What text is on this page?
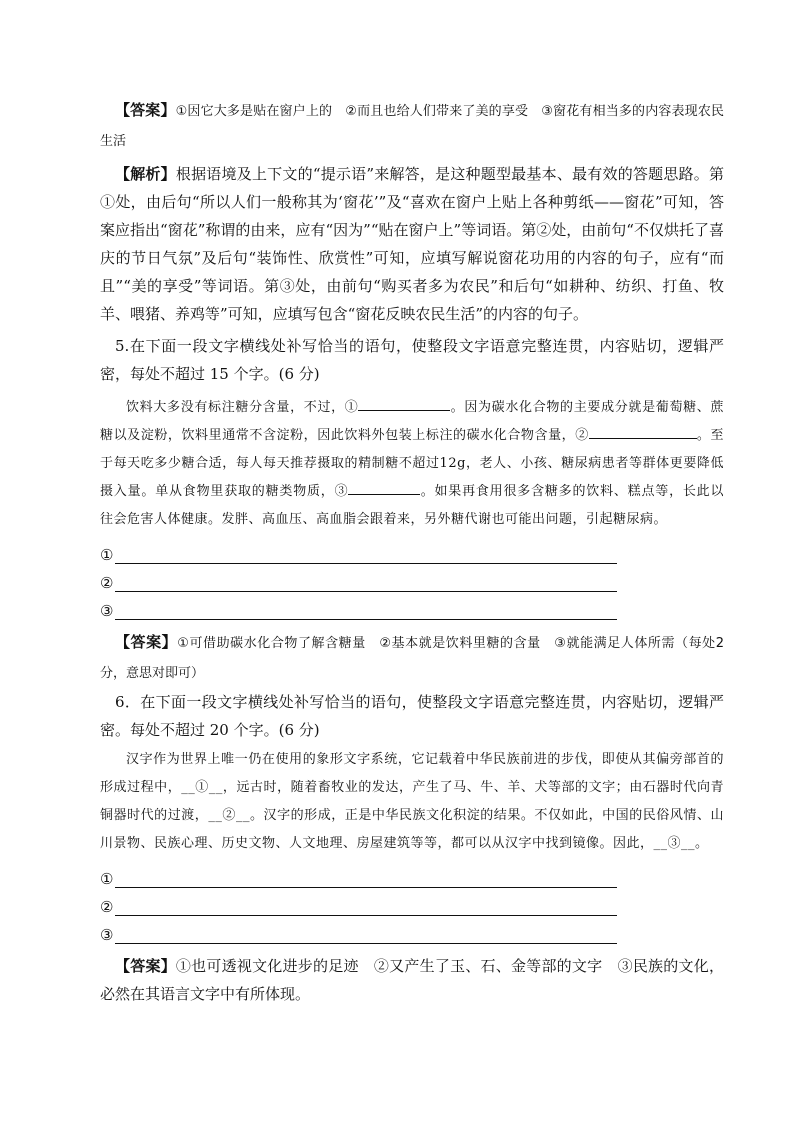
【答案】①因它大多是贴在窗户上的　②而且也给人们带来了美的享受　③窗花有相当多的内容表现农民生活

【解析】根据语境及上下文的“提示语”来解答，是这种题型最基本、最有效的答题思路。第①处，由后句“所以人们一般称其为‘窗花’”及“喜欢在窗户上贴上各种剪纸——窗花”可知，答案应指出“窗花”称谓的由来，应有“因为”“贴在窗户上”等词语。第②处，由前句“不仅烘托了喜庆的节日气氛”及后句“装饰性、欣赏性”可知，应填写解说窗花功用的内容的句子，应有“而且”“美的享受”等词语。第③处，由前句“购买者多为农民”和后句“如耕种、纺织、打鱼、牧羊、喂猪、养鸡等”可知，应填写包含“窗花反映农民生活”的内容的句子。

5.在下面一段文字横线处补写恰当的语句，使整段文字语意完整连贯，内容贴切，逻辑严密，每处不超过 15 个字。(6 分)

饮料大多没有标注糖分含量，不过，①	。因为碳水化合物的主要成分就是葡萄糖、蔗糖以及淀粉，饮料里通常不含淀粉，因此饮料外包装上标注的碳水化合物含量，②	。至于每天吃多少糖合适，每人每天推荐摄取的精制糖不超过12g，老人、小孩、糖尿病患者等群体更要降低摄入量。单从食物里获取的糖类物质，③	。如果再食用很多含糖多的饮料、糕点等，长此以往会危害人体健康。发胖、高血压、高血脂会跟着来，另外糖代谢也可能出问题，引起糖尿病。

①
②
③

【答案】①可借助碳水化合物了解含糖量　②基本就是饮料里糖的含量　③就能满足人体所需（每处2 分，意思对即可）

6．在下面一段文字横线处补写恰当的语句，使整段文字语意完整连贯，内容贴切，逻辑严密。每处不超过 20 个字。(6 分)

汉字作为世界上唯一仍在使用的象形文字系统，它记载着中华民族前进的步伐，即使从其偏旁部首的形成过程中，__①__，远古时，随着畜牧业的发达，产生了马、牛、羊、犬等部的文字；由石器时代向青铜器时代的过渡，__②__。汉字的形成，正是中华民族文化积淀的结果。不仅如此，中国的民俗风情、山川景物、民族心理、历史文物、人文地理、房屋建筑等等，都可以从汉字中找到镜像。因此，__③__。

①
②
③

【答案】①也可透视文化进步的足迹　②又产生了玉、石、金等部的文字　③民族的文化，必然在其语言文字中有所体现。
